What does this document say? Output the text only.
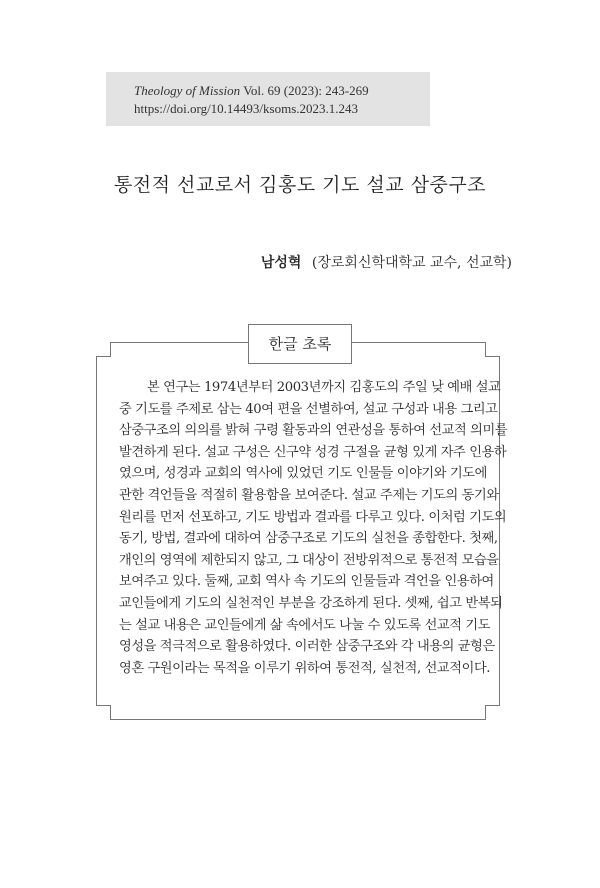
Theology of Mission Vol. 69 (2023): 243-269
https://doi.org/10.14493/ksoms.2023.1.243
통전적 선교로서 김홍도 기도 설교 삼중구조
남성혁 (장로회신학대학교 교수, 선교학)
한글 초록
본 연구는 1974년부터 2003년까지 김홍도의 주일 낮 예배 설교
중 기도를 주제로 삼는 40여 편을 선별하여, 설교 구성과 내용 그리고
삼중구조의 의의를 밝혀 구령 활동과의 연관성을 통하여 선교적 의미를
발견하게 된다. 설교 구성은 신구약 성경 구절을 균형 있게 자주 인용하
였으며, 성경과 교회의 역사에 있었던 기도 인물들 이야기와 기도에
관한 격언들을 적절히 활용함을 보여준다. 설교 주제는 기도의 동기와
원리를 먼저 선포하고, 기도 방법과 결과를 다루고 있다. 이처럼 기도의
동기, 방법, 결과에 대하여 삼중구조로 기도의 실천을 종합한다. 첫째,
개인의 영역에 제한되지 않고, 그 대상이 전방위적으로 통전적 모습을
보여주고 있다. 둘째, 교회 역사 속 기도의 인물들과 격언을 인용하여
교인들에게 기도의 실천적인 부분을 강조하게 된다. 셋째, 쉽고 반복되
는 설교 내용은 교인들에게 삶 속에서도 나눌 수 있도록 선교적 기도
영성을 적극적으로 활용하였다. 이러한 삼중구조와 각 내용의 균형은
영혼 구원이라는 목적을 이루기 위하여 통전적, 실천적, 선교적이다.
